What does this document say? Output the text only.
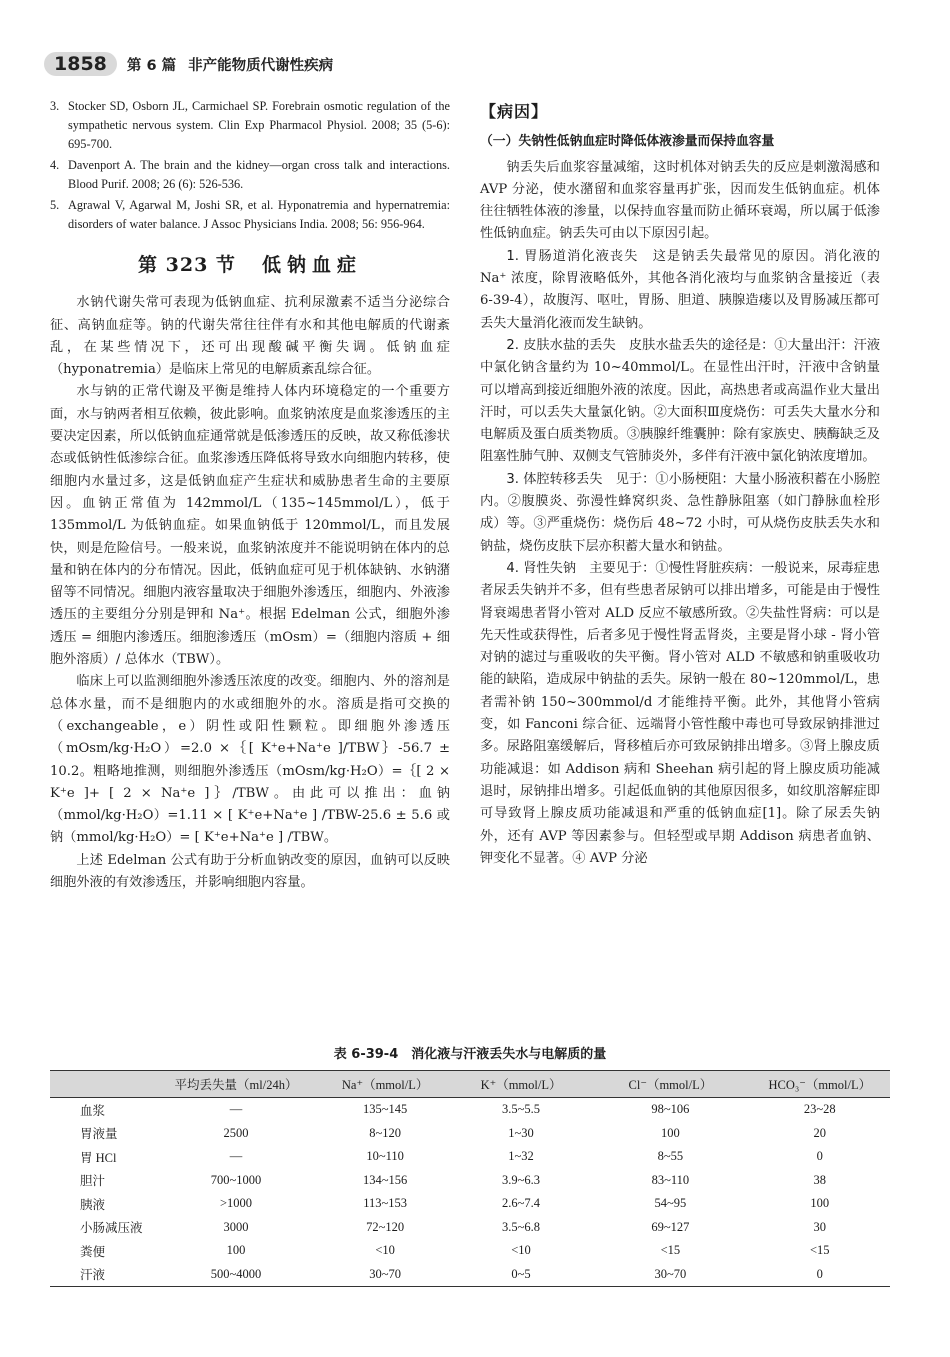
1858	第 6 篇 非产能物质代谢性疾病
3. Stocker SD, Osborn JL, Carmichael SP. Forebrain osmotic regulation of the sympathetic nervous system. Clin Exp Pharmacol Physiol. 2008; 35 (5-6): 695-700.
4. Davenport A. The brain and the kidney—organ cross talk and interactions. Blood Purif. 2008; 26 (6): 526-536.
5. Agrawal V, Agarwal M, Joshi SR, et al. Hyponatremia and hypernatremia: disorders of water balance. J Assoc Physicians India. 2008; 56: 956-964.
第 323 节 低钠血症

水钠代谢失常可表现为低钠血症、抗利尿激素不适当分泌综合征、高钠血症等。钠的代谢失常往往伴有水和其他电解质的代谢紊乱，在某些情况下，还可出现酸碱平衡失调。低钠血症（hyponatremia）是临床上常见的电解质紊乱综合征。

水与钠的正常代谢及平衡是维持人体内环境稳定的一个重要方面，水与钠两者相互依赖，彼此影响。血浆钠浓度是血浆渗透压的主要决定因素，所以低钠血症通常就是低渗透压的反映，故又称低渗状态或低钠性低渗综合征。血浆渗透压降低将导致水向细胞内转移，使细胞内水量过多，这是低钠血症产生症状和威胁患者生命的主要原因。血钠正常值为 142mmol/L（135~145mmol/L），低于 135mmol/L 为低钠血症。如果血钠低于 120mmol/L，而且发展快，则是危险信号。一般来说，血浆钠浓度并不能说明钠在体内的总量和钠在体内的分布情况。因此，低钠血症可见于机体缺钠、水钠潴留等不同情况。细胞内液容量取决于细胞外渗透压，细胞内、外液渗透压的主要组分分别是钾和 Na⁺。根据 Edelman 公式，细胞外渗透压 = 细胞内渗透压。细胞渗透压（mOsm）=（细胞内溶质 + 细胞外溶质）/ 总体水（TBW）。

临床上可以监测细胞外渗透压浓度的改变。细胞内、外的溶剂是总体水量，而不是细胞内的水或细胞外的水。溶质是指可交换的（exchangeable，e）阴性或阳性颗粒。即细胞外渗透压（mOsm/kg·H₂O）=2.0 ×｛[ K⁺e+Na⁺e ]/TBW｝-56.7 ± 10.2。粗略地推测，则细胞外渗透压（mOsm/kg·H₂O）=｛[ 2 × K⁺e ]+ [ 2 × Na⁺e ]｝/TBW。由此可以推出：血钠（mmol/kg·H₂O）=1.11 × [ K⁺e+Na⁺e ] /TBW-25.6 ± 5.6 或钠（mmol/kg·H₂O）= [ K⁺e+Na⁺e ] /TBW。

上述 Edelman 公式有助于分析血钠改变的原因，血钠可以反映细胞外液的有效渗透压，并影响细胞内容量。

【病因】
（一）失钠性低钠血症时降低体液渗量而保持血容量

钠丢失后血浆容量减缩，这时机体对钠丢失的反应是刺激渴感和 AVP 分泌，使水潴留和血浆容量再扩张，因而发生低钠血症。机体往往牺牲体液的渗量，以保持血容量而防止循环衰竭，所以属于低渗性低钠血症。钠丢失可由以下原因引起。

1. 胃肠道消化液丧失　这是钠丢失最常见的原因。消化液的 Na⁺ 浓度，除胃液略低外，其他各消化液均与血浆钠含量接近（表 6-39-4），故腹泻、呕吐，胃肠、胆道、胰腺造瘘以及胃肠减压都可丢失大量消化液而发生缺钠。

2. 皮肤水盐的丢失　皮肤水盐丢失的途径是：①大量出汗：汗液中氯化钠含量约为 10~40mmol/L。在显性出汗时，汗液中含钠量可以增高到接近细胞外液的浓度。因此，高热患者或高温作业大量出汗时，可以丢失大量氯化钠。②大面积Ⅲ度烧伤：可丢失大量水分和电解质及蛋白质类物质。③胰腺纤维囊肿：除有家族史、胰酶缺乏及阻塞性肺气肿、双侧支气管肺炎外，多伴有汗液中氯化钠浓度增加。

3. 体腔转移丢失　见于：①小肠梗阻：大量小肠液积蓄在小肠腔内。②腹膜炎、弥漫性蜂窝织炎、急性静脉阻塞（如门静脉血栓形成）等。③严重烧伤：烧伤后 48~72 小时，可从烧伤皮肤丢失水和钠盐，烧伤皮肤下层亦积蓄大量水和钠盐。

4. 肾性失钠　主要见于：①慢性肾脏疾病：一般说来，尿毒症患者尿丢失钠并不多，但有些患者尿钠可以排出增多，可能是由于慢性肾衰竭患者肾小管对 ALD 反应不敏感所致。②失盐性肾病：可以是先天性或获得性，后者多见于慢性肾盂肾炎，主要是肾小球 - 肾小管对钠的滤过与重吸收的失平衡。肾小管对 ALD 不敏感和钠重吸收功能的缺陷，造成尿中钠盐的丢失。尿钠一般在 80~120mmol/L，患者需补钠 150~300mmol/d 才能维持平衡。此外，其他肾小管病变，如 Fanconi 综合征、远端肾小管性酸中毒也可导致尿钠排泄过多。尿路阻塞缓解后，肾移植后亦可致尿钠排出增多。③肾上腺皮质功能减退：如 Addison 病和 Sheehan 病引起的肾上腺皮质功能减退时，尿钠排出增多。引起低血钠的其他原因很多，如纹肌溶解症即可导致肾上腺皮质功能减退和严重的低钠血症[1]。除了尿丢失钠外，还有 AVP 等因素参与。但轻型或早期 Addison 病患者血钠、钾变化不显著。④ AVP 分泌

表 6-39-4　消化液与汗液丢失水与电解质的量
	平均丢失量（ml/24h）	Na⁺（mmol/L）	K⁺（mmol/L）	Cl⁻（mmol/L）	HCO₃⁻（mmol/L）
血浆	—	135~145	3.5~5.5	98~106	23~28
胃液量	2500	8~120	1~30	100	20
胃 HCl	—	10~110	1~32	8~55	0
胆汁	700~1000	134~156	3.9~6.3	83~110	38
胰液	>1000	113~153	2.6~7.4	54~95	100
小肠减压液	3000	72~120	3.5~6.8	69~127	30
粪便	100	<10	<10	<15	<15
汗液	500~4000	30~70	0~5	30~70	0
